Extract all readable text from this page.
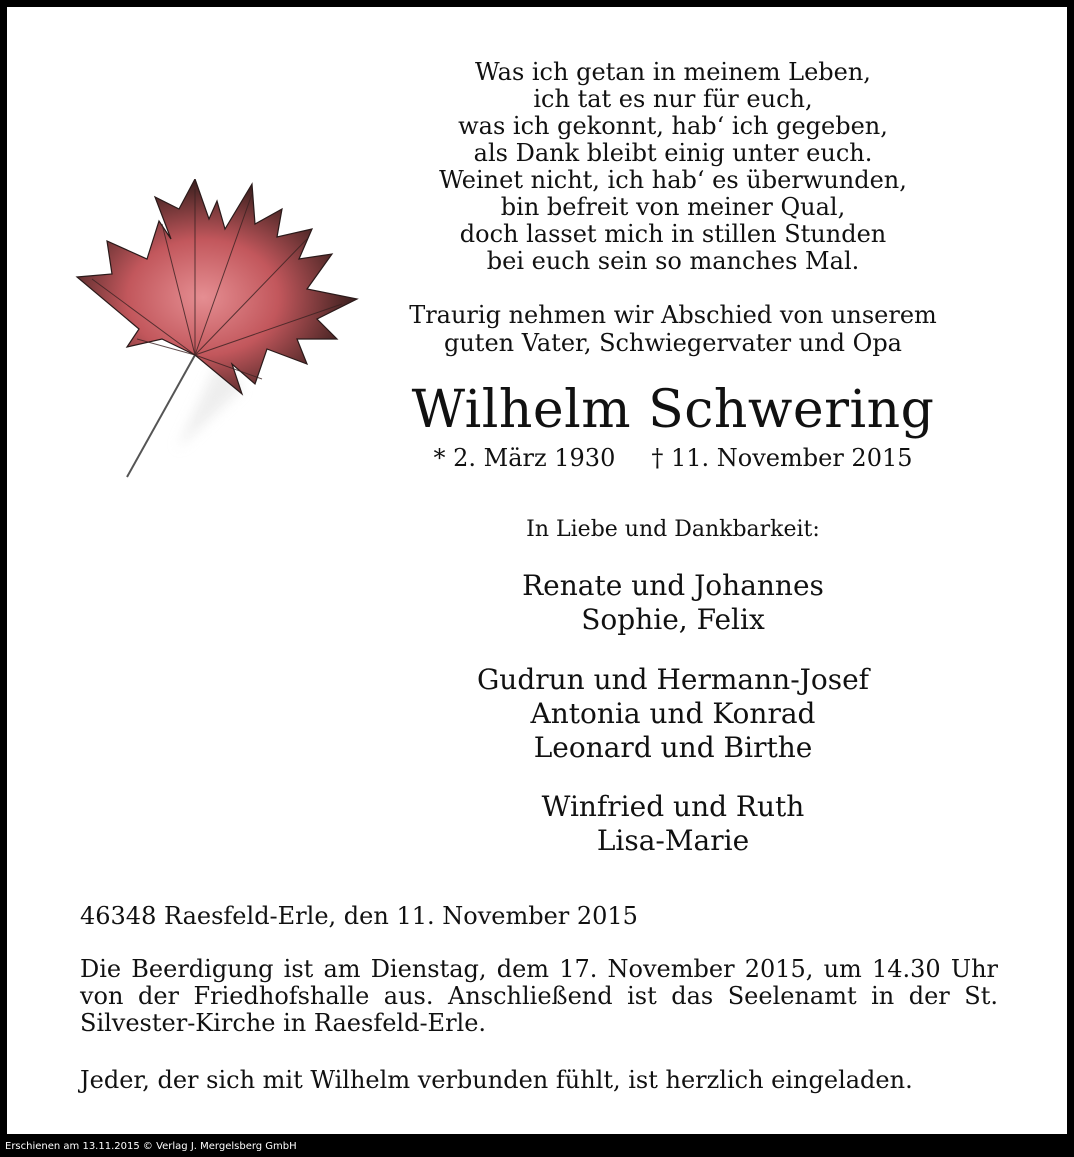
Was ich getan in meinem Leben,
ich tat es nur für euch,
was ich gekonnt, hab‘ ich gegeben,
als Dank bleibt einig unter euch.
Weinet nicht, ich hab‘ es überwunden,
bin befreit von meiner Qual,
doch lasset mich in stillen Stunden
bei euch sein so manches Mal.
Traurig nehmen wir Abschied von unserem
guten Vater, Schwiegervater und Opa
Wilhelm Schwering
* 2. März 1930 † 11. November 2015
In Liebe und Dankbarkeit:
Renate und Johannes
Sophie, Felix
Gudrun und Hermann-Josef
Antonia und Konrad
Leonard und Birthe
Winfried und Ruth
Lisa-Marie
46348 Raesfeld-Erle, den 11. November 2015
Die Beerdigung ist am Dienstag, dem 17. November 2015, um 14.30 Uhr
von der Friedhofshalle aus. Anschließend ist das Seelenamt in der St.
Silvester-Kirche in Raesfeld-Erle.
Jeder, der sich mit Wilhelm verbunden fühlt, ist herzlich eingeladen.
Erschienen am 13.11.2015 © Verlag J. Mergelsberg GmbH
